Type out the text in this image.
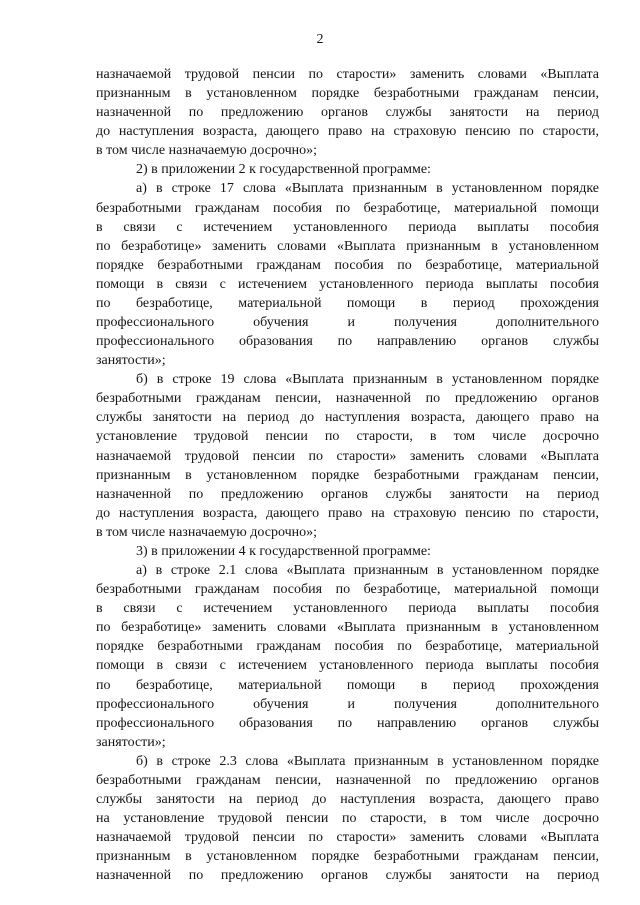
2
назначаемой трудовой пенсии по старости» заменить словами «Выплата
признанным в установленном порядке безработными гражданам пенсии,
назначенной по предложению органов службы занятости на период
до наступления возраста, дающего право на страховую пенсию по старости,
в том числе назначаемую досрочно»;
2) в приложении 2 к государственной программе:
а) в строке 17 слова «Выплата признанным в установленном порядке
безработными гражданам пособия по безработице, материальной помощи
в связи с истечением установленного периода выплаты пособия
по безработице» заменить словами «Выплата признанным в установленном
порядке безработными гражданам пособия по безработице, материальной
помощи в связи с истечением установленного периода выплаты пособия
по безработице, материальной помощи в период прохождения
профессионального обучения и получения дополнительного
профессионального образования по направлению органов службы
занятости»;
б) в строке 19 слова «Выплата признанным в установленном порядке
безработными гражданам пенсии, назначенной по предложению органов
службы занятости на период до наступления возраста, дающего право на
установление трудовой пенсии по старости, в том числе досрочно
назначаемой трудовой пенсии по старости» заменить словами «Выплата
признанным в установленном порядке безработными гражданам пенсии,
назначенной по предложению органов службы занятости на период
до наступления возраста, дающего право на страховую пенсию по старости,
в том числе назначаемую досрочно»;
3) в приложении 4 к государственной программе:
а) в строке 2.1 слова «Выплата признанным в установленном порядке
безработными гражданам пособия по безработице, материальной помощи
в связи с истечением установленного периода выплаты пособия
по безработице» заменить словами «Выплата признанным в установленном
порядке безработными гражданам пособия по безработице, материальной
помощи в связи с истечением установленного периода выплаты пособия
по безработице, материальной помощи в период прохождения
профессионального обучения и получения дополнительного
профессионального образования по направлению органов службы
занятости»;
б) в строке 2.3 слова «Выплата признанным в установленном порядке
безработными гражданам пенсии, назначенной по предложению органов
службы занятости на период до наступления возраста, дающего право
на установление трудовой пенсии по старости, в том числе досрочно
назначаемой трудовой пенсии по старости» заменить словами «Выплата
признанным в установленном порядке безработными гражданам пенсии,
назначенной по предложению органов службы занятости на период
